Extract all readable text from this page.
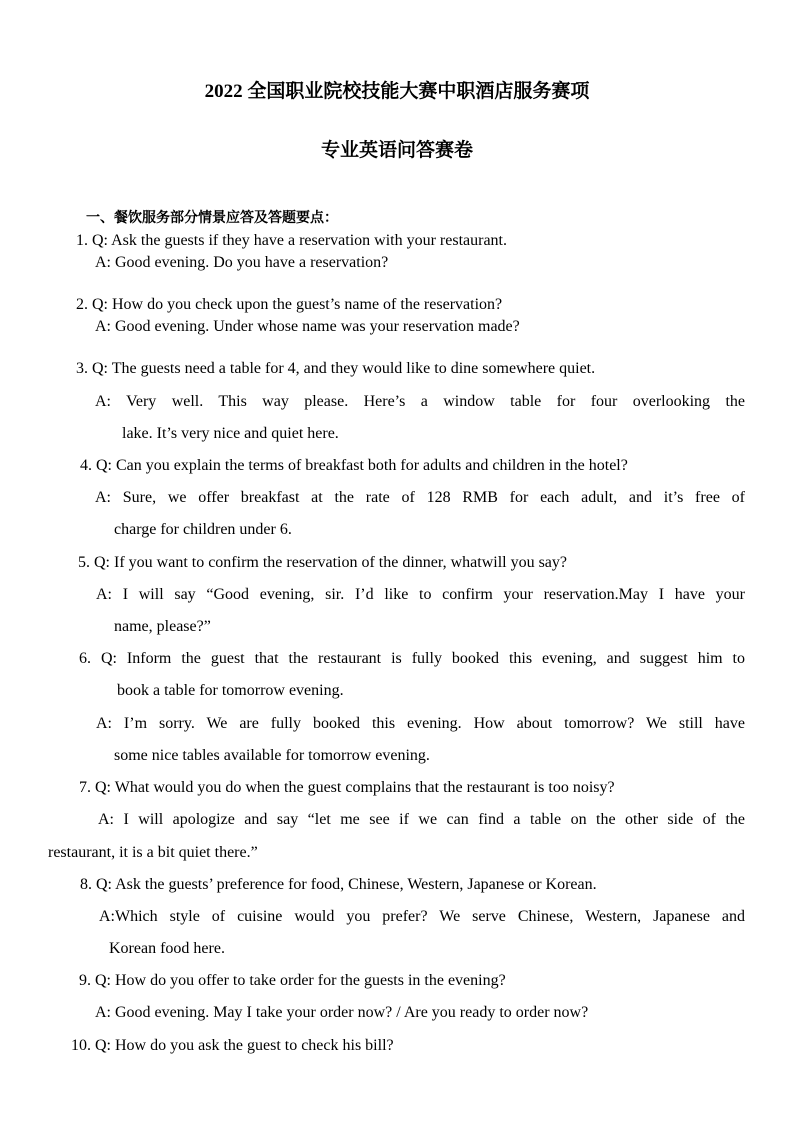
2022 全国职业院校技能大赛中职酒店服务赛项
专业英语问答赛卷
一、餐饮服务部分情景应答及答题要点：
1. Q: Ask the guests if they have a reservation with your restaurant.
A: Good evening. Do you have a reservation?
2. Q: How do you check upon the guest’s name of the reservation?
A: Good evening. Under whose name was your reservation made?
3. Q: The guests need a table for 4, and they would like to dine somewhere quiet.
A: Very well. This way please. Here’s a window table for four overlooking the
lake. It’s very nice and quiet here.
4. Q: Can you explain the terms of breakfast both for adults and children in the hotel?
A: Sure, we offer breakfast at the rate of 128 RMB for each adult, and it’s free of
charge for children under 6.
5. Q: If you want to confirm the reservation of the dinner, whatwill you say?
A: I will say “Good evening, sir. I’d like to confirm your reservation.May I have your
name, please?”
6. Q: Inform the guest that the restaurant is fully booked this evening, and suggest him to
book a table for tomorrow evening.
A: I’m sorry. We are fully booked this evening. How about tomorrow? We still have
some nice tables available for tomorrow evening.
7. Q: What would you do when the guest complains that the restaurant is too noisy?
A: I will apologize and say “let me see if we can find a table on the other side of the
restaurant, it is a bit quiet there.”
8. Q: Ask the guests’ preference for food, Chinese, Western, Japanese or Korean.
A:Which style of cuisine would you prefer? We serve Chinese, Western, Japanese and
Korean food here.
9. Q: How do you offer to take order for the guests in the evening?
A: Good evening. May I take your order now? / Are you ready to order now?
10. Q: How do you ask the guest to check his bill?
